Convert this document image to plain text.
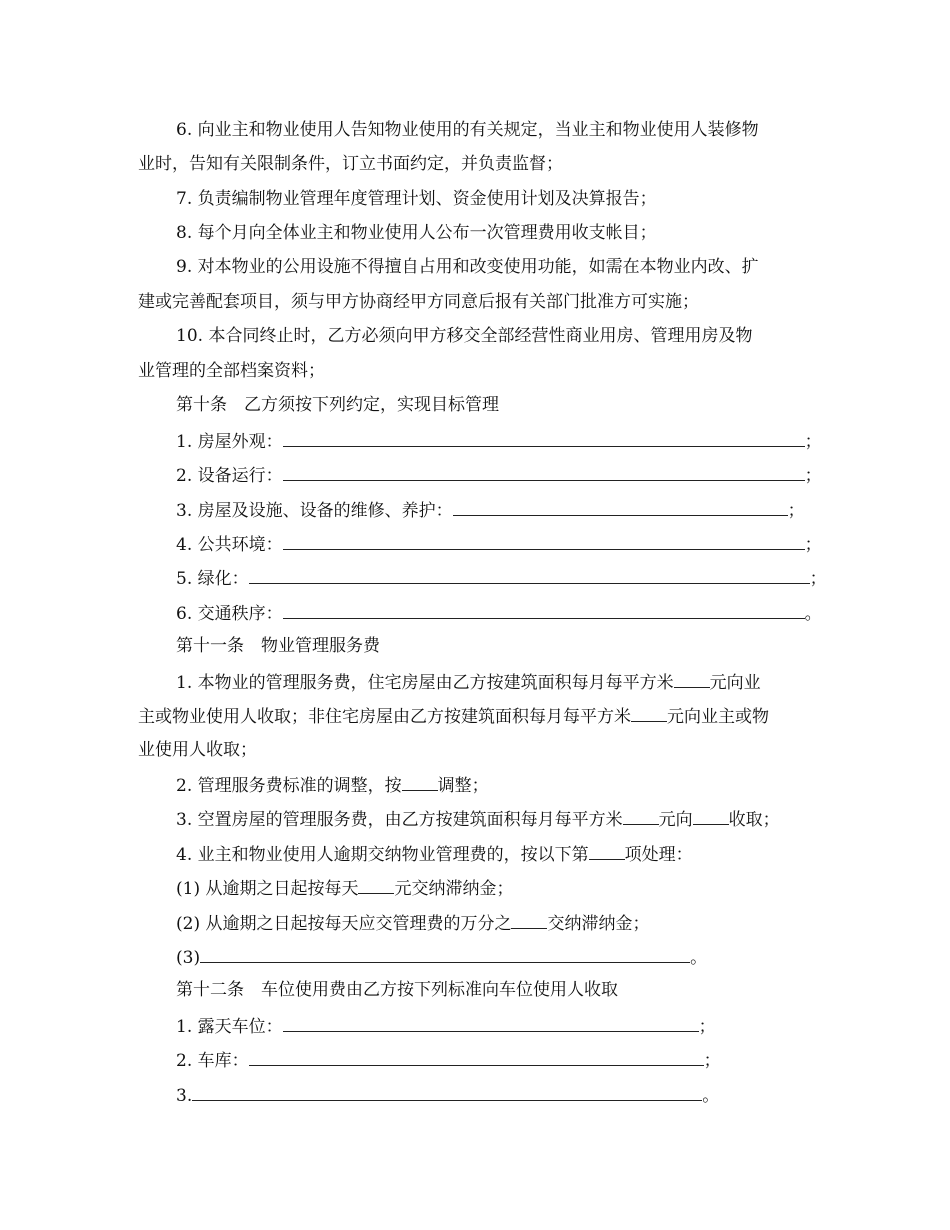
6. 向业主和物业使用人告知物业使用的有关规定，当业主和物业使用人装修物
业时，告知有关限制条件，订立书面约定，并负责监督；
7. 负责编制物业管理年度管理计划、资金使用计划及决算报告；
8. 每个月向全体业主和物业使用人公布一次管理费用收支帐目；
9. 对本物业的公用设施不得擅自占用和改变使用功能，如需在本物业内改、扩
建或完善配套项目，须与甲方协商经甲方同意后报有关部门批准方可实施；
10. 本合同终止时，乙方必须向甲方移交全部经营性商业用房、管理用房及物
业管理的全部档案资料；
第十条　乙方须按下列约定，实现目标管理
1. 房屋外观：	；
2. 设备运行：	；
3. 房屋及设施、设备的维修、养护：	；
4. 公共环境：	；
5. 绿化：	；
6. 交通秩序：	。
第十一条　物业管理服务费
1. 本物业的管理服务费，住宅房屋由乙方按建筑面积每月每平方米 元向业
主或物业使用人收取；非住宅房屋由乙方按建筑面积每月每平方米 元向业主或物
业使用人收取；
2. 管理服务费标准的调整，按 调整；
3. 空置房屋的管理服务费，由乙方按建筑面积每月每平方米 元向 收取；
4. 业主和物业使用人逾期交纳物业管理费的，按以下第 项处理：
(1) 从逾期之日起按每天 元交纳滞纳金；
(2) 从逾期之日起按每天应交管理费的万分之 交纳滞纳金；
(3)	。
第十二条　车位使用费由乙方按下列标准向车位使用人收取
1. 露天车位：	；
2. 车库：	；
3.	。
